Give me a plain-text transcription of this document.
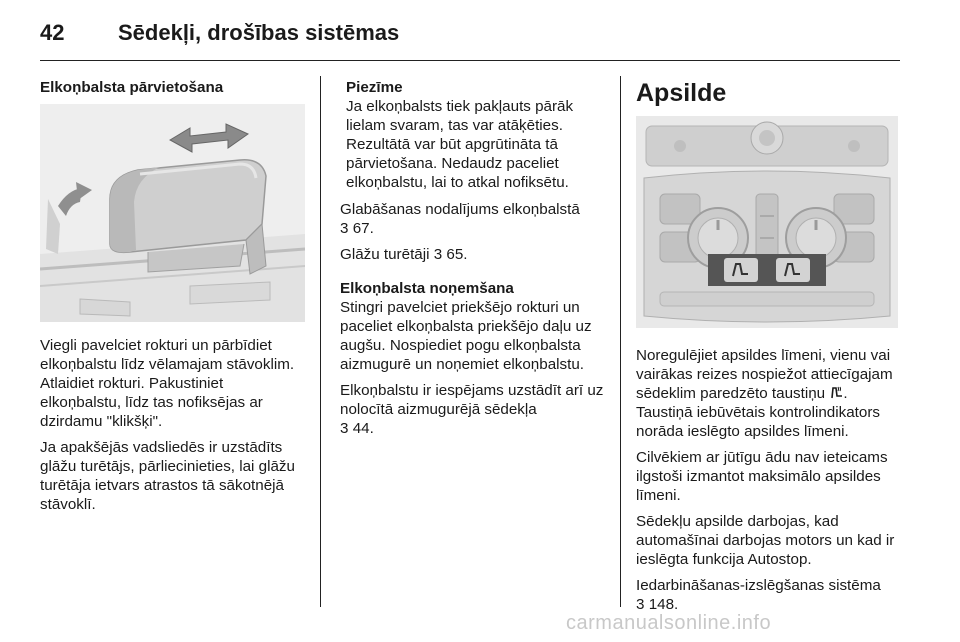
42 Sēdekļi, drošības sistēmas

Elkoņbalsta pārvietošana

Viegli pavelciet rokturi un pārbīdiet elkoņbalstu līdz vēlamajam stāvoklim. Atlaidiet rokturi. Pakustiniet elkoņbalstu, līdz tas nofiksējas ar dzirdamu "klikšķi".

Ja apakšējās vadsliedēs ir uzstādīts glāžu turētājs, pārliecinieties, lai glāžu turētāja ietvars atrastos tā sākotnējā stāvoklī.

Piezīme
Ja elkoņbalsts tiek pakļauts pārāk lielam svaram, tas var atāķēties. Rezultātā var būt apgrūtināta tā pārvietošana. Nedaudz paceliet elkoņbalstu, lai to atkal nofiksētu.

Glabāšanas nodalījums elkoņbalstā
3 67.

Glāžu turētāji 3 65.

Elkoņbalsta noņemšana

Stingri pavelciet priekšējo rokturi un paceliet elkoņbalsta priekšējo daļu uz augšu. Nospiediet pogu elkoņbalsta aizmugurē un noņemiet elkoņbalstu.

Elkoņbalstu ir iespējams uzstādīt arī uz nolocītā aizmugurējā sēdekļa
3 44.

Apsilde

Noregulējiet apsildes līmeni, vienu vai vairākas reizes nospiežot attiecīgajam sēdeklim paredzēto taustiņu . Taustiņā iebūvētais kontrolindikators norāda ieslēgto apsildes līmeni.

Cilvēkiem ar jūtīgu ādu nav ieteicams ilgstoši izmantot maksimālo apsildes līmeni.

Sēdekļu apsilde darbojas, kad automašīnai darbojas motors un kad ir ieslēgta funkcija Autostop.

Iedarbināšanas-izslēgšanas sistēma
3 148.

carmanualsonline.info
